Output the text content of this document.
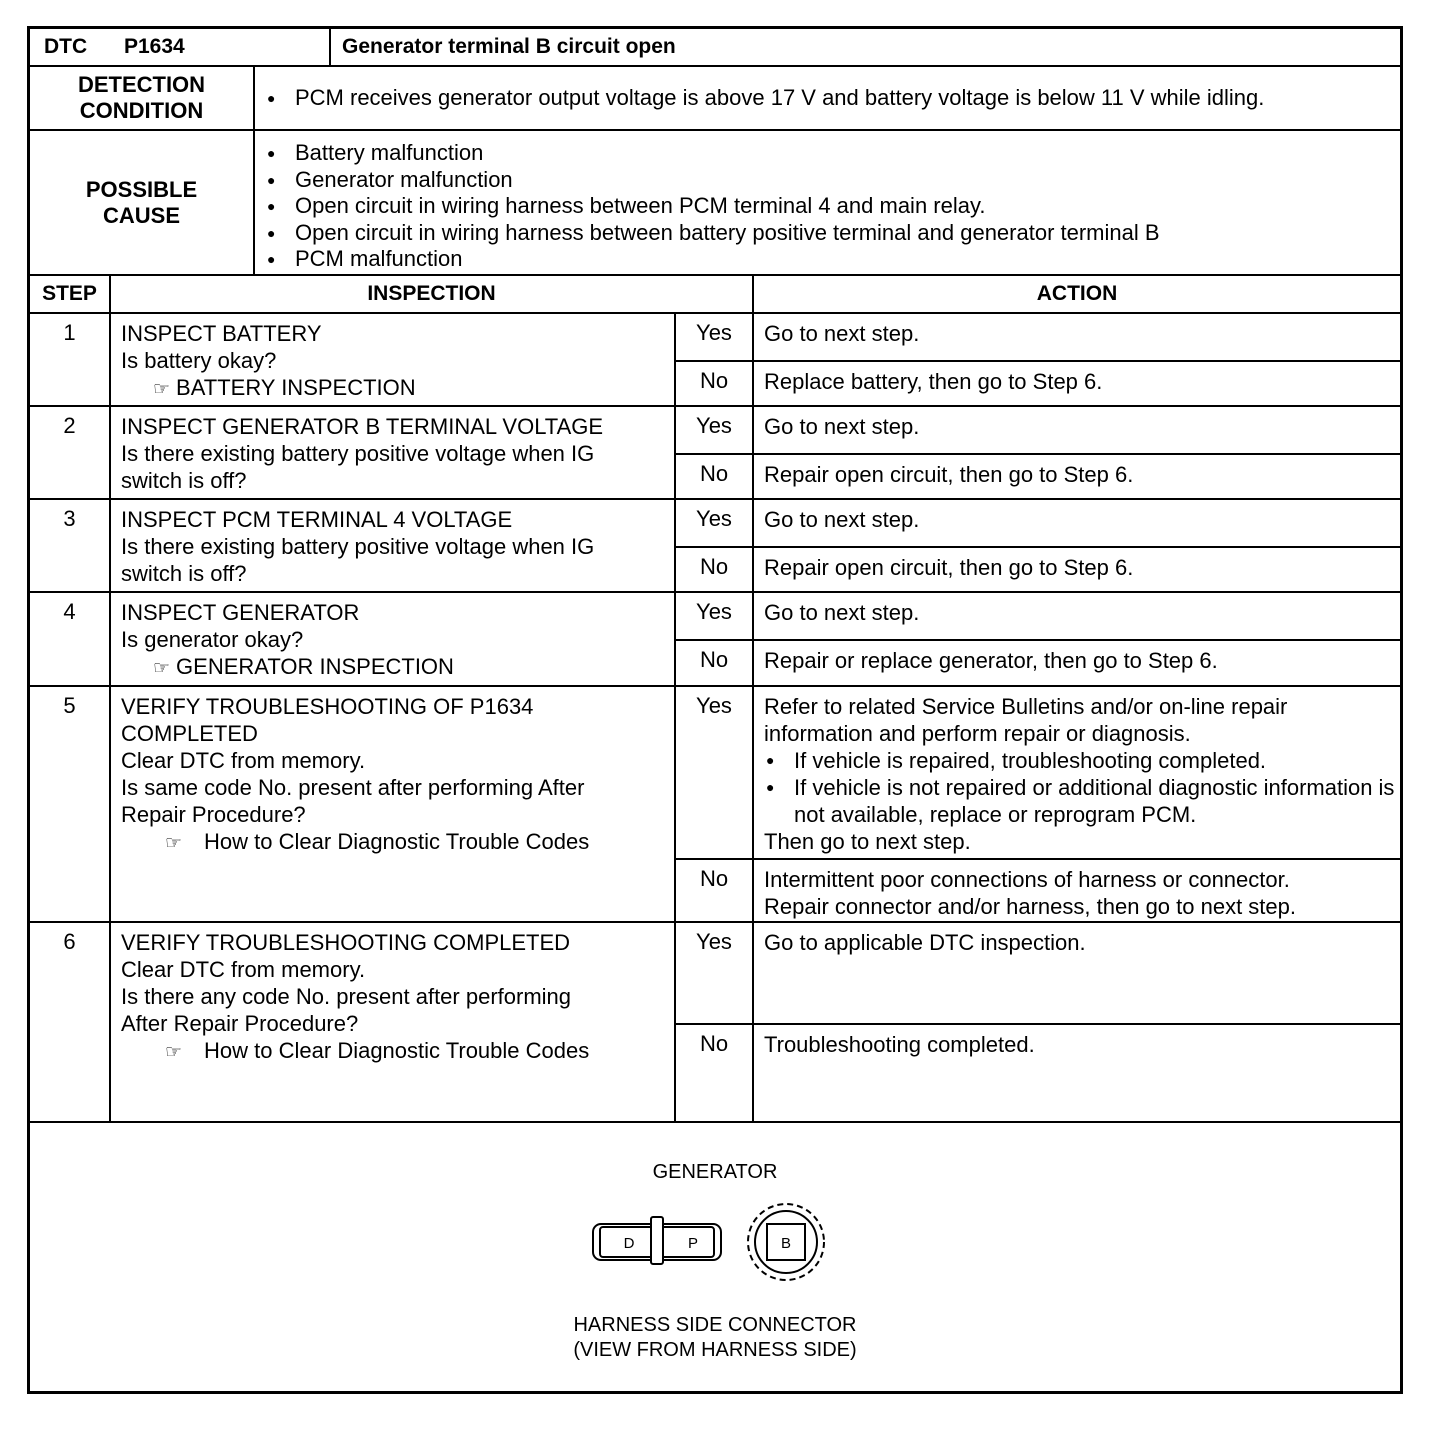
DTC P1634	Generator terminal B circuit open
DETECTION
CONDITION
● PCM receives generator output voltage is above 17 V and battery voltage is below 11 V while idling.
POSSIBLE
CAUSE
● Battery malfunction
● Generator malfunction
● Open circuit in wiring harness between PCM terminal 4 and main relay.
● Open circuit in wiring harness between battery positive terminal and generator terminal B
● PCM malfunction
STEP	INSPECTION	ACTION
1	INSPECT BATTERY
Is battery okay?
☞ BATTERY INSPECTION
Yes	Go to next step.
No	Replace battery, then go to Step 6.
2	INSPECT GENERATOR B TERMINAL VOLTAGE
Is there existing battery positive voltage when IG
switch is off?
Yes	Go to next step.
No	Repair open circuit, then go to Step 6.
3	INSPECT PCM TERMINAL 4 VOLTAGE
Is there existing battery positive voltage when IG
switch is off?
Yes	Go to next step.
No	Repair open circuit, then go to Step 6.
4	INSPECT GENERATOR
Is generator okay?
☞ GENERATOR INSPECTION
Yes	Go to next step.
No	Repair or replace generator, then go to Step 6.
5	VERIFY TROUBLESHOOTING OF P1634
COMPLETED
Clear DTC from memory.
Is same code No. present after performing After
Repair Procedure?
☞ How to Clear Diagnostic Trouble Codes
Yes	Refer to related Service Bulletins and/or on-line repair
information and perform repair or diagnosis.
● If vehicle is repaired, troubleshooting completed.
● If vehicle is not repaired or additional diagnostic information is not available, replace or reprogram PCM.
Then go to next step.
No	Intermittent poor connections of harness or connector.
Repair connector and/or harness, then go to next step.
6	VERIFY TROUBLESHOOTING COMPLETED
Clear DTC from memory.
Is there any code No. present after performing
After Repair Procedure?
☞ How to Clear Diagnostic Trouble Codes
Yes	Go to applicable DTC inspection.
No	Troubleshooting completed.
GENERATOR
D	P	B
HARNESS SIDE CONNECTOR
(VIEW FROM HARNESS SIDE)
